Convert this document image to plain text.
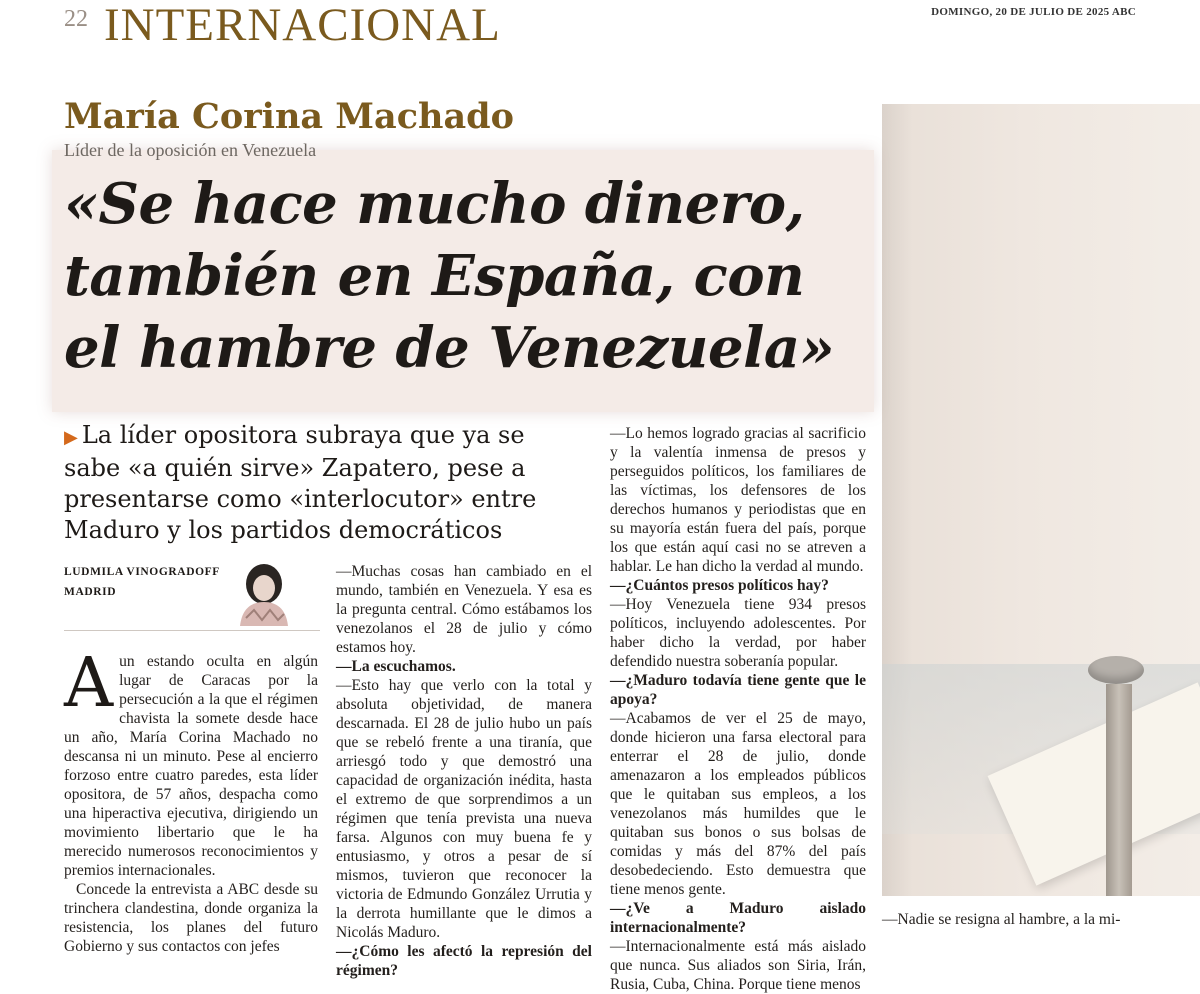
22 INTERNACIONAL	DOMINGO, 20 DE JULIO DE 2025 ABC
María Corina Machado
Líder de la oposición en Venezuela
«Se hace mucho dinero,
también en España, con
el hambre de Venezuela»

▶ La líder opositora subraya que ya se sabe «a quién sirve» Zapatero, pese a presentarse como «interlocutor» entre Maduro y los partidos democráticos

LUDMILA VINOGRADOFF
MADRID
A un estando oculta en algún lugar de Caracas por la persecución a la que el régimen chavista la somete desde hace un año, María Corina Machado no descansa ni un minuto. Pese al encierro forzoso entre cuatro paredes, esta líder opositora, de 57 años, despacha como una hiperactiva ejecutiva, dirigiendo un movimiento libertario que le ha merecido numerosos reconocimientos y premios internacionales.

Concede la entrevista a ABC desde su trinchera clandestina, donde organiza la resistencia, los planes del futuro Gobierno y sus contactos con jefes

—Muchas cosas han cambiado en el mundo, también en Venezuela. Y esa es la pregunta central. Cómo estábamos los venezolanos el 28 de julio y cómo estamos hoy.

—La escuchamos.

—Esto hay que verlo con la total y absoluta objetividad, de manera descarnada. El 28 de julio hubo un país que se rebeló frente a una tiranía, que arriesgó todo y que demostró una capacidad de organización inédita, hasta el extremo de que sorprendimos a un régimen que tenía prevista una nueva farsa. Algunos con muy buena fe y entusiasmo, y otros a pesar de sí mismos, tuvieron que reconocer la victoria de Edmundo González Urrutia y la derrota humillante que le dimos a Nicolás Maduro.

—¿Cómo les afectó la represión del régimen?

—Lo hemos logrado gracias al sacrificio y la valentía inmensa de presos y perseguidos políticos, los familiares de las víctimas, los defensores de los derechos humanos y periodistas que en su mayoría están fuera del país, porque los que están aquí casi no se atreven a hablar. Le han dicho la verdad al mundo.

—¿Cuántos presos políticos hay?

—Hoy Venezuela tiene 934 presos políticos, incluyendo adolescentes. Por haber dicho la verdad, por haber defendido nuestra soberanía popular.

—¿Maduro todavía tiene gente que le apoya?

—Acabamos de ver el 25 de mayo, donde hicieron una farsa electoral para enterrar el 28 de julio, donde amenazaron a los empleados públicos que le quitaban sus empleos, a los venezolanos más humildes que le quitaban sus bonos o sus bolsas de comidas y más del 87% del país desobedeciendo. Esto demuestra que tiene menos gente.

—¿Ve a Maduro aislado internacionalmente?

—Internacionalmente está más aislado que nunca. Sus aliados son Siria, Irán, Rusia, Cuba, China. Porque tiene menos

—Nadie se resigna al hambre, a la mi-
